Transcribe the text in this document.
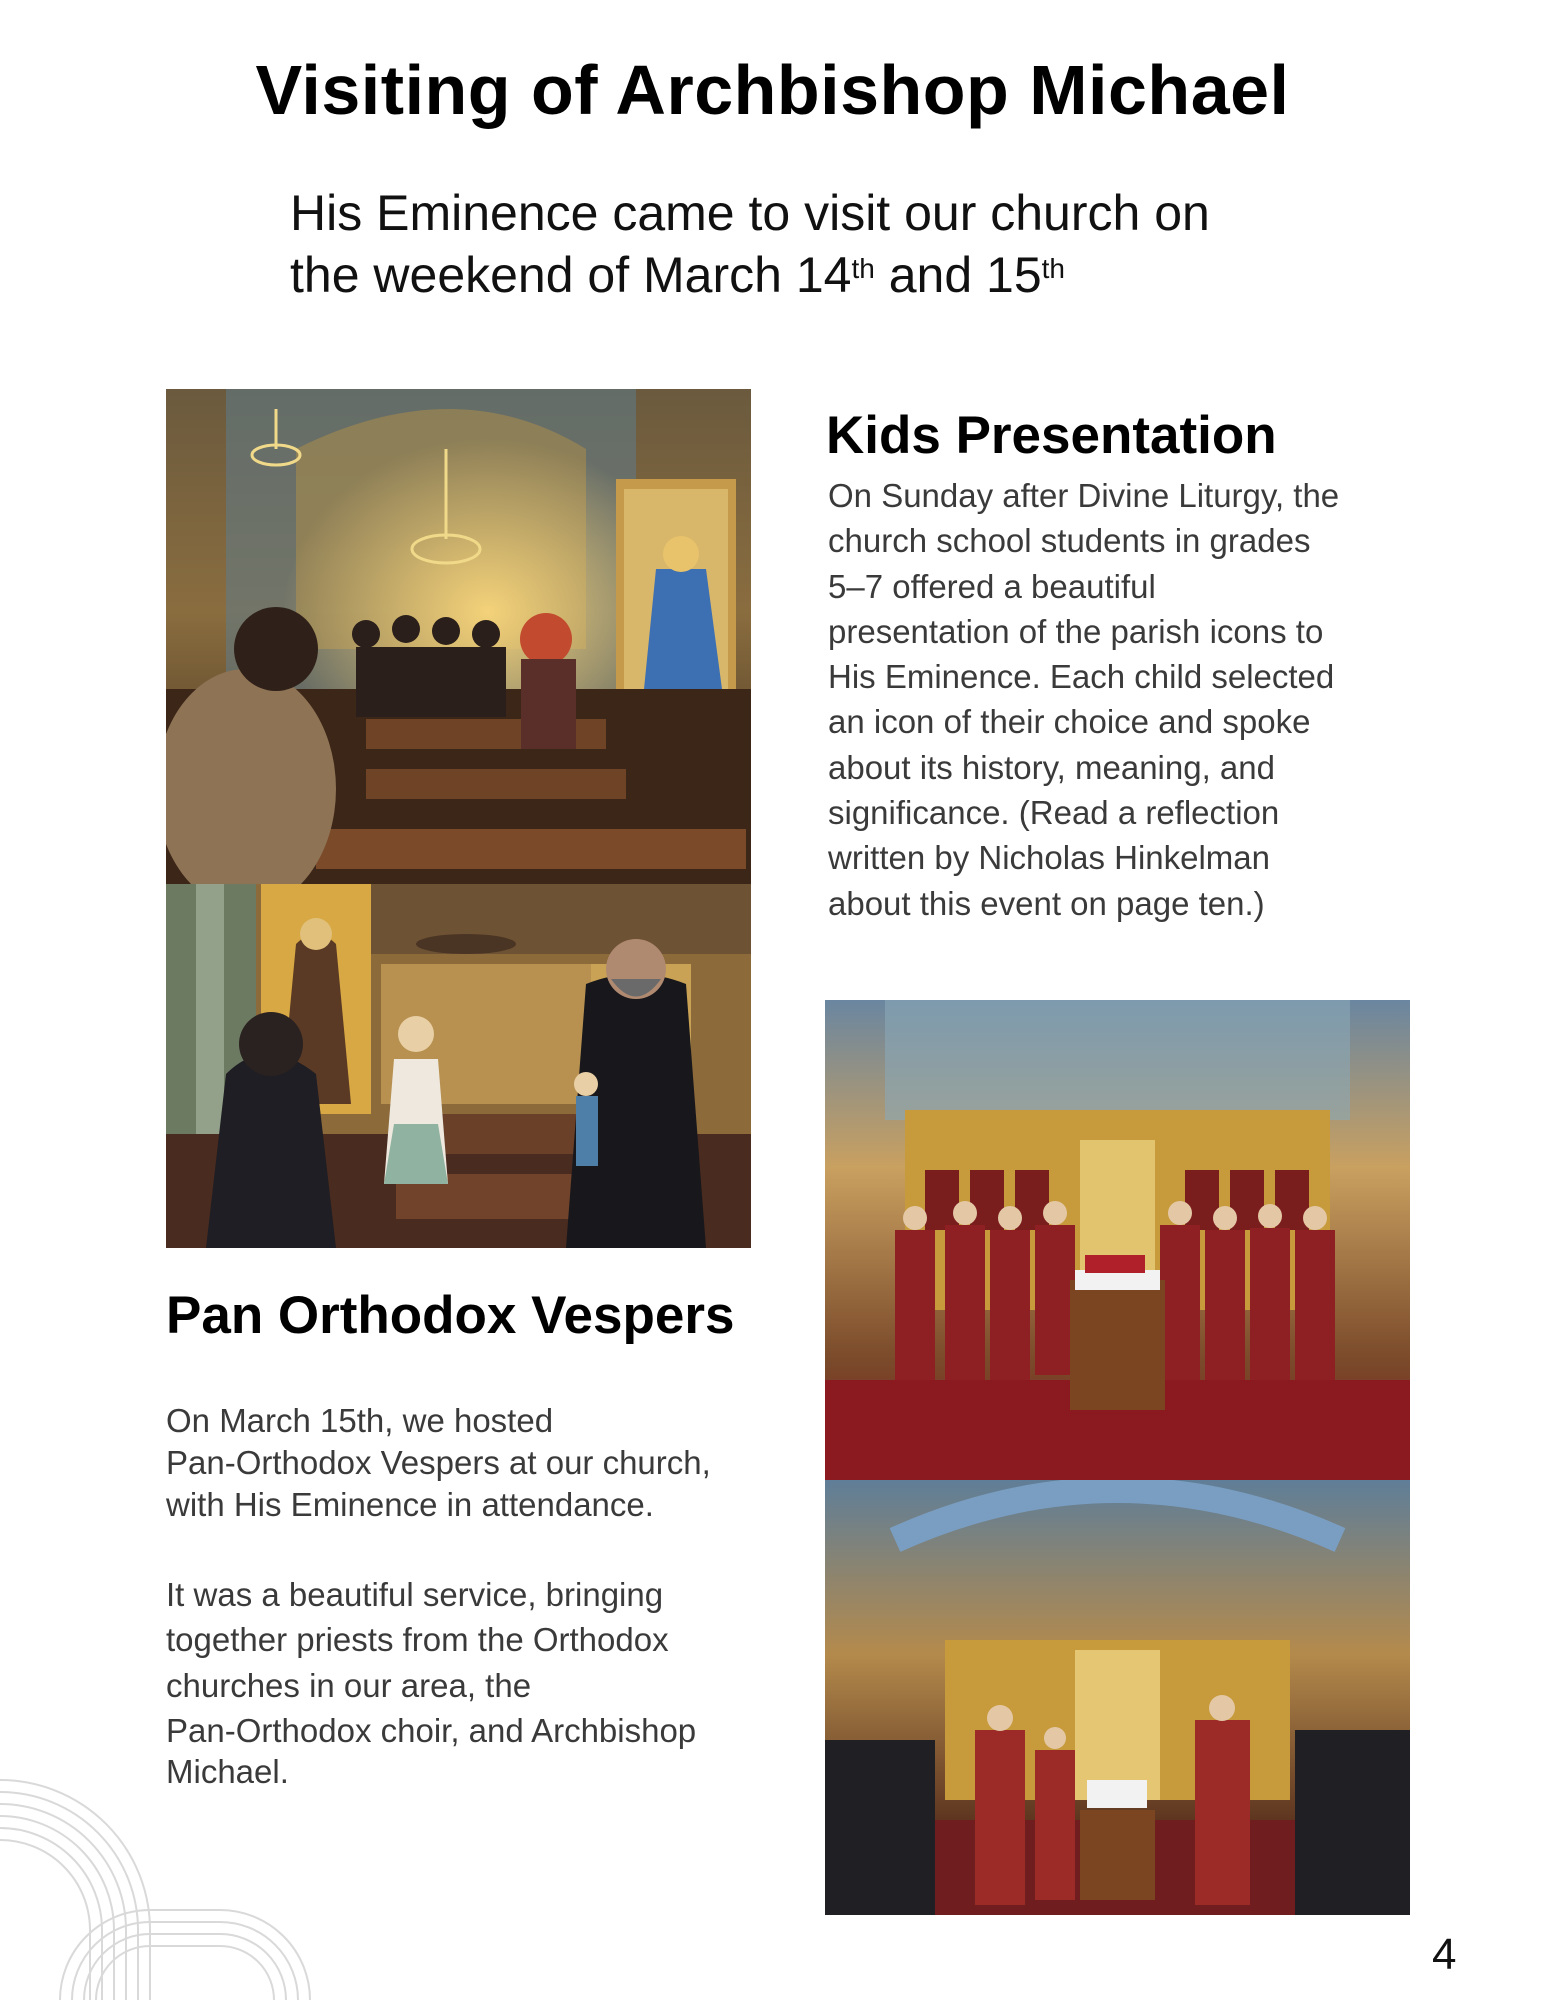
Visiting of Archbishop Michael

His Eminence came to visit our church on
the weekend of March 14th and 15th

Kids Presentation

On Sunday after Divine Liturgy, the

church school students in grades

5–7 offered a beautiful

presentation of the parish icons to

His Eminence. Each child selected

an icon of their choice and spoke

about its history, meaning, and

significance. (Read a reflection

written by Nicholas Hinkelman

about this event on page ten.)

Pan Orthodox Vespers

On March 15th, we hosted

Pan-Orthodox Vespers at our church,

with His Eminence in attendance.

It was a beautiful service, bringing

together priests from the Orthodox

churches in our area, the

Pan-Orthodox choir, and Archbishop

Michael.

4
